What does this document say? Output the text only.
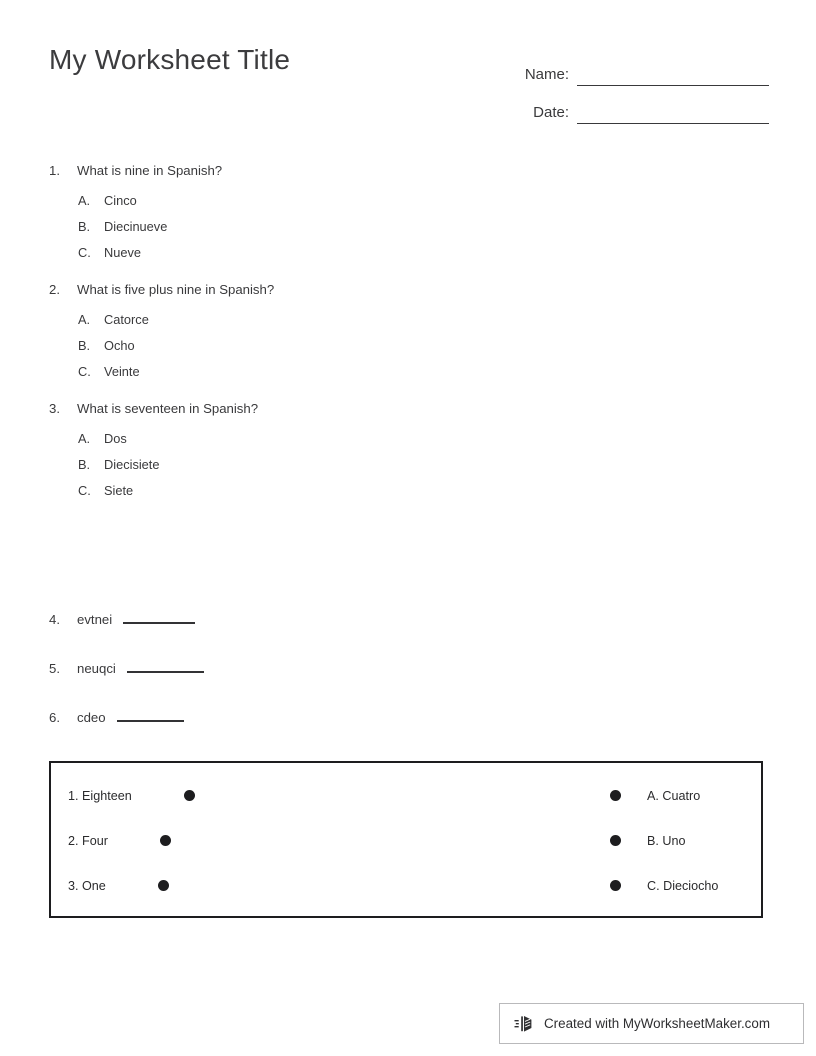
My Worksheet Title	Name:
Date:
1.	What is nine in Spanish?
A.	Cinco
B.	Diecinueve
C.	Nueve
2.	What is five plus nine in Spanish?
A.	Catorce
B.	Ocho
C.	Veinte
3.	What is seventeen in Spanish?
A.	Dos
B.	Diecisiete
C.	Siete
4.	evtnei
5.	neuqci
6.	cdeo
1. Eighteen	A. Cuatro
2. Four	B. Uno
3. One	C. Dieciocho
Created with MyWorksheetMaker.com
